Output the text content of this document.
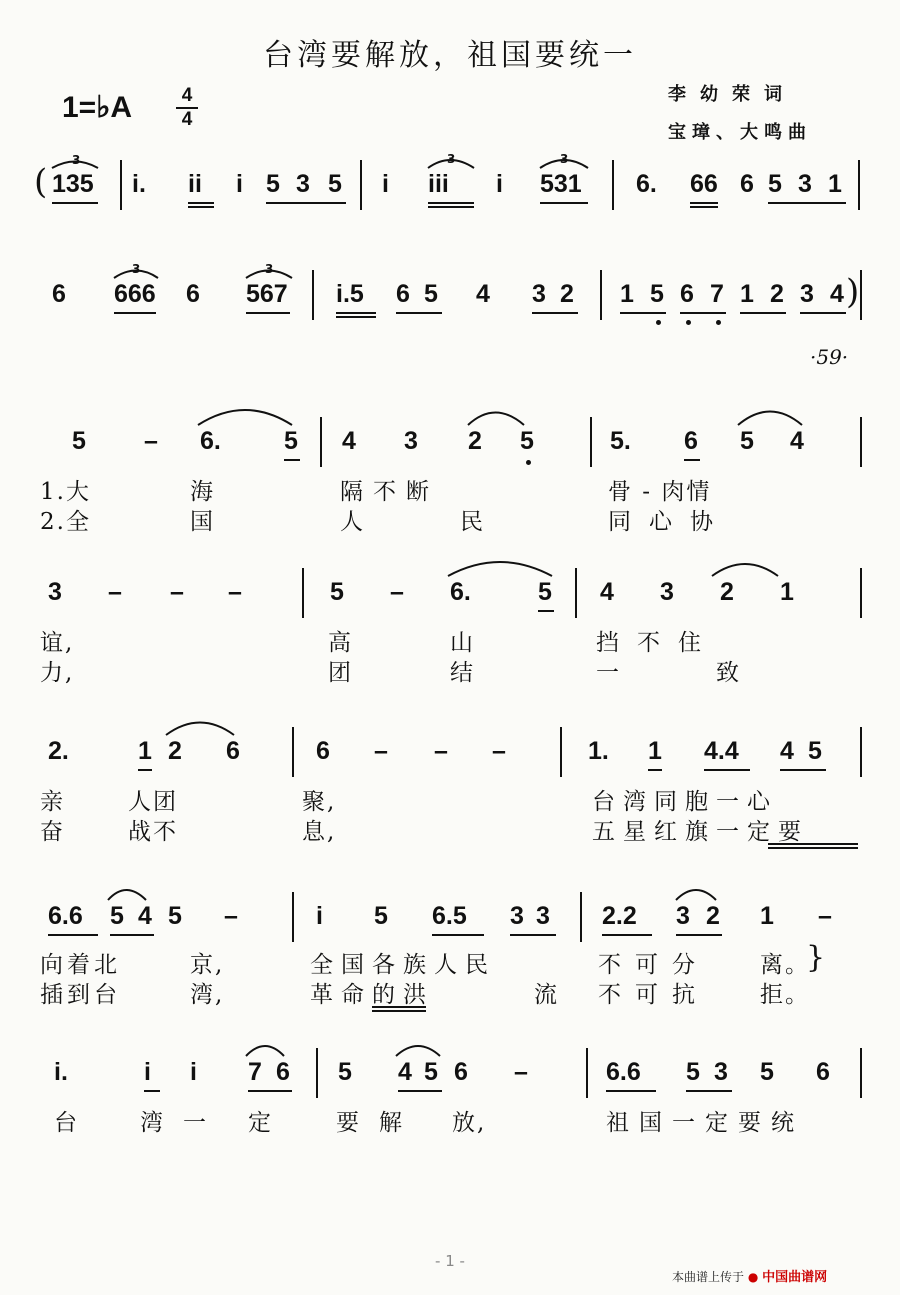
台湾要解放，祖国要统一
1=♭A	4
4
李幼荣词
宝璋、大鸣曲
( 135 i. ii i 5 3 5 i iii i 531 6. 66 6 5 3 1
6 666 6 567 i.5 6 5 4 3 2 1 5 6 7 1 2 3 4 )
·59·
5 – 6.	5 4 3 2 5	5. 6 5 4
1.大	海	隔不断	骨 - 肉情
2.全	国	人	民	同心协
3 – – –	5 – 6.	5 4 3 2 1
谊,	高	山	挡不住
力,	团	结	一	致
2.	1 2 6	6 – – –	1. 1 4.4 4 5
亲	人团	聚,	台湾同胞一心
奋	战不	息,	五星红旗一定要
6.6 5 4 5 –	i 5 6.5 3 3 2.2 3 2 1 –
向着北	京,	全国各族人民	不可分 离。
插到台	湾,	革命的洪	流 不可抗 拒。
}
i.	i i 7 6 5 4 5 6 –	6.6 5 3 5 6
台	湾一 定	要解 放,	祖国一定要统
3	3	3
3	3
- 1 -
本曲谱上传于 ● 中国曲谱网
